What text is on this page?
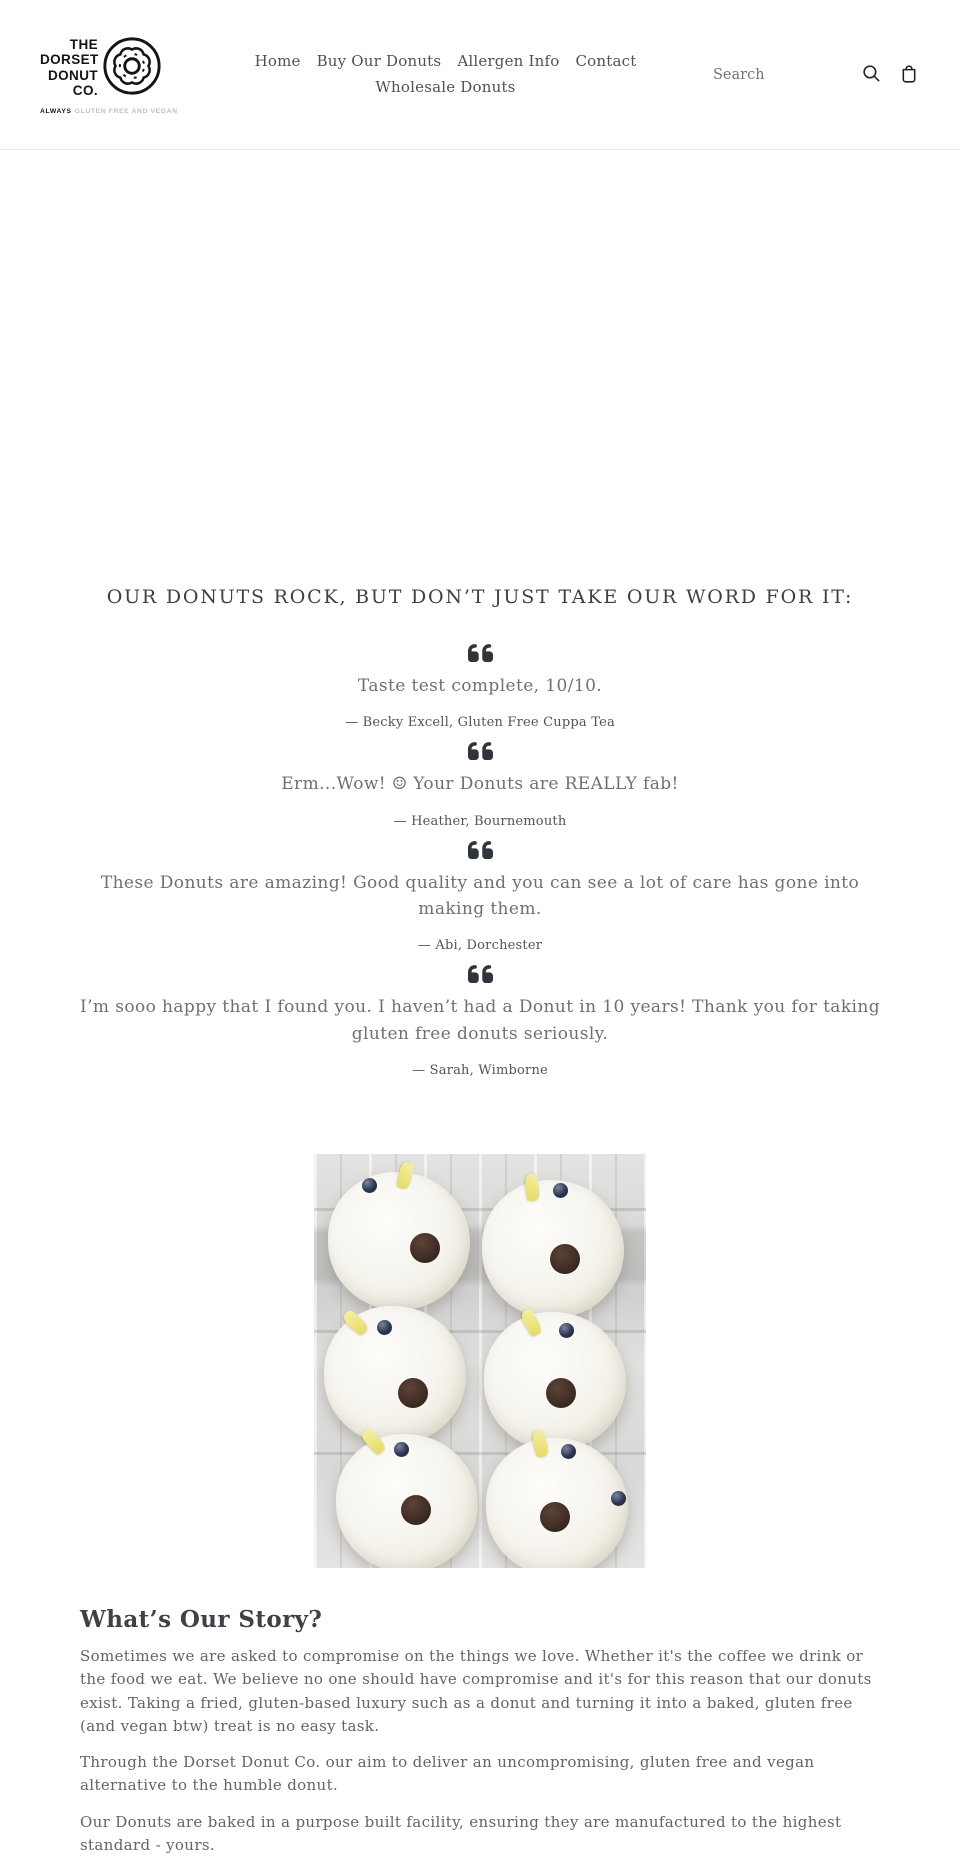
THE
DORSET
DONUT
CO.
ALWAYS GLUTEN FREE AND VEGAN
Home Buy Our Donuts Allergen Info Contact
Wholesale Donuts
Search
OUR DONUTS ROCK, BUT DON’T JUST TAKE OUR WORD FOR IT:

Taste test complete, 10/10.

— Becky Excell, Gluten Free Cuppa Tea

Erm...Wow! ☺ Your Donuts are REALLY fab!

— Heather, Bournemouth

These Donuts are amazing! Good quality and you can see a lot of care has gone into making them.

— Abi, Dorchester

I’m sooo happy that I found you. I haven’t had a Donut in 10 years! Thank you for taking gluten free donuts seriously.

— Sarah, Wimborne

What’s Our Story?

Sometimes we are asked to compromise on the things we love. Whether it's the coffee we drink or the food we eat. We believe no one should have compromise and it's for this reason that our donuts exist. Taking a fried, gluten-based luxury such as a donut and turning it into a baked, gluten free (and vegan btw) treat is no easy task.

Through the Dorset Donut Co. our aim to deliver an uncompromising, gluten free and vegan alternative to the humble donut.

Our Donuts are baked in a purpose built facility, ensuring they are manufactured to the highest standard - yours.
